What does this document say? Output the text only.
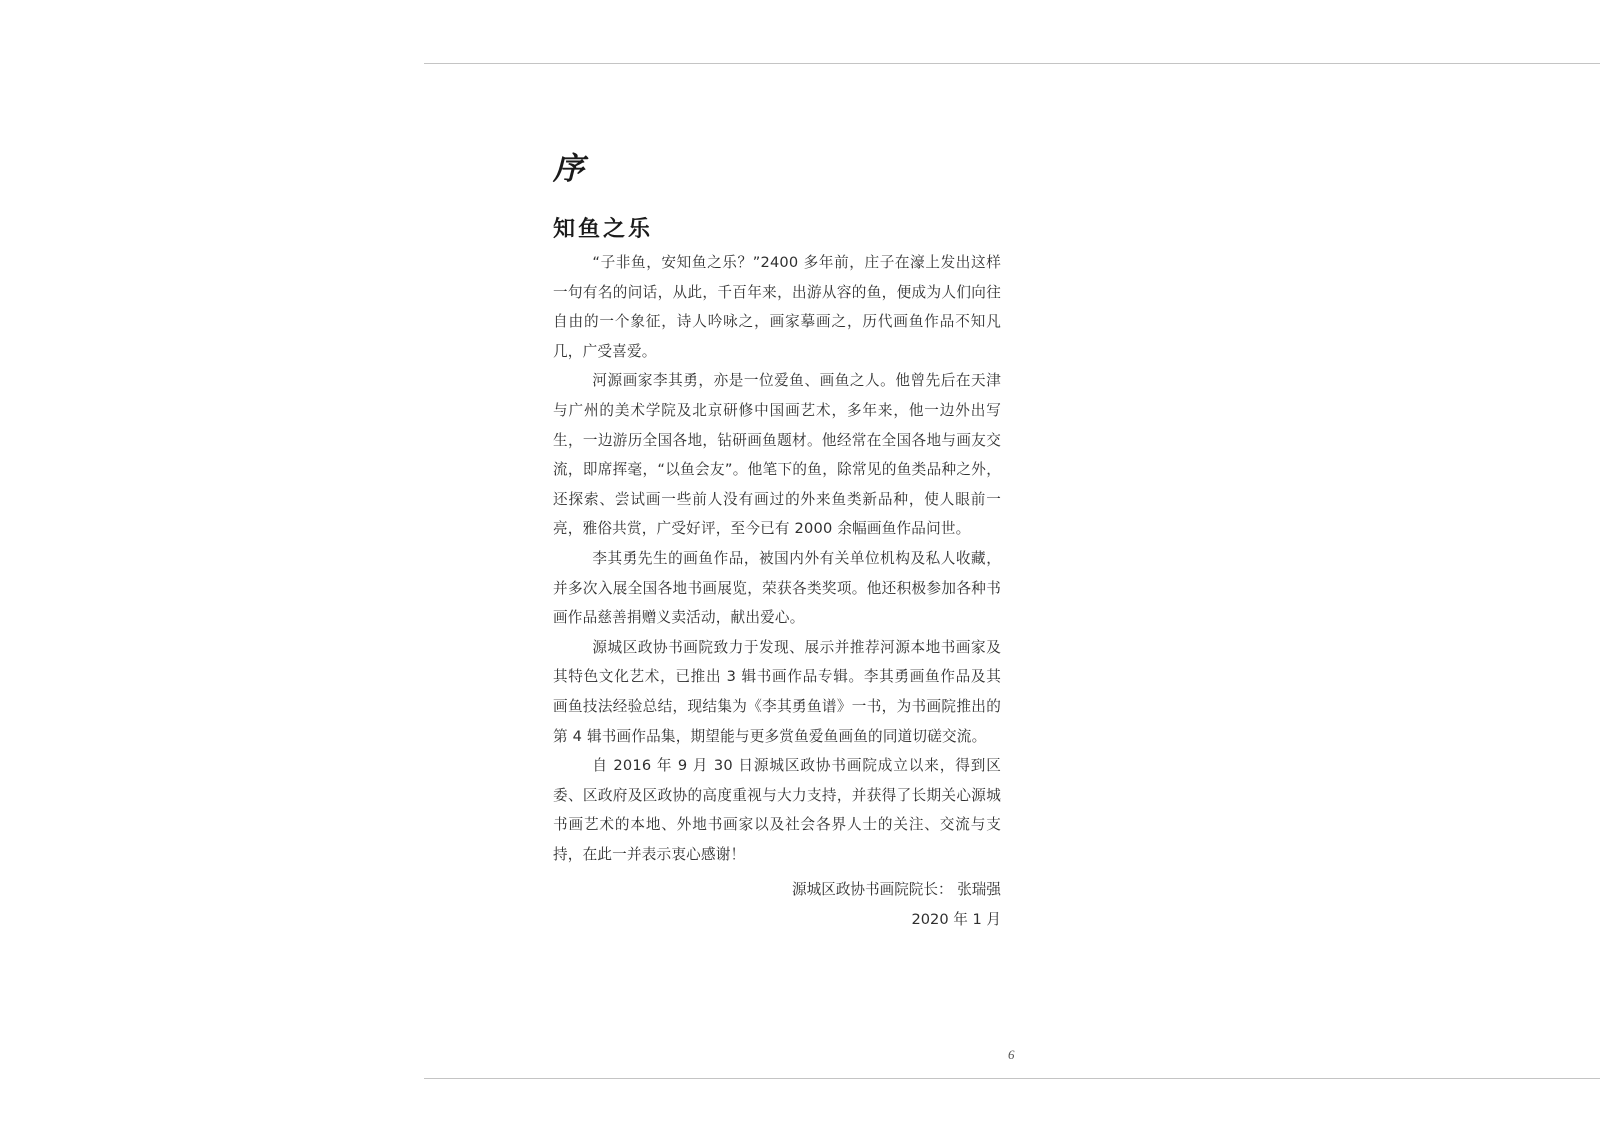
序
知鱼之乐

“子非鱼，安知鱼之乐？”2400 多年前，庄子在濠上发出这样一句有名的问话，从此，千百年来，出游从容的鱼，便成为人们向往自由的一个象征，诗人吟咏之，画家摹画之，历代画鱼作品不知凡几，广受喜爱。

河源画家李其勇，亦是一位爱鱼、画鱼之人。他曾先后在天津与广州的美术学院及北京研修中国画艺术，多年来，他一边外出写生，一边游历全国各地，钻研画鱼题材。他经常在全国各地与画友交流，即席挥毫，“以鱼会友”。他笔下的鱼，除常见的鱼类品种之外，还探索、尝试画一些前人没有画过的外来鱼类新品种，使人眼前一亮，雅俗共赏，广受好评，至今已有 2000 余幅画鱼作品问世。

李其勇先生的画鱼作品，被国内外有关单位机构及私人收藏，并多次入展全国各地书画展览，荣获各类奖项。他还积极参加各种书画作品慈善捐赠义卖活动，献出爱心。

源城区政协书画院致力于发现、展示并推荐河源本地书画家及其特色文化艺术，已推出 3 辑书画作品专辑。李其勇画鱼作品及其画鱼技法经验总结，现结集为《李其勇鱼谱》一书，为书画院推出的第 4 辑书画作品集，期望能与更多赏鱼爱鱼画鱼的同道切磋交流。

自 2016 年 9 月 30 日源城区政协书画院成立以来，得到区委、区政府及区政协的高度重视与大力支持，并获得了长期关心源城书画艺术的本地、外地书画家以及社会各界人士的关注、交流与支持，在此一并表示衷心感谢！

源城区政协书画院院长： 张瑞强
2020 年 1 月
6
